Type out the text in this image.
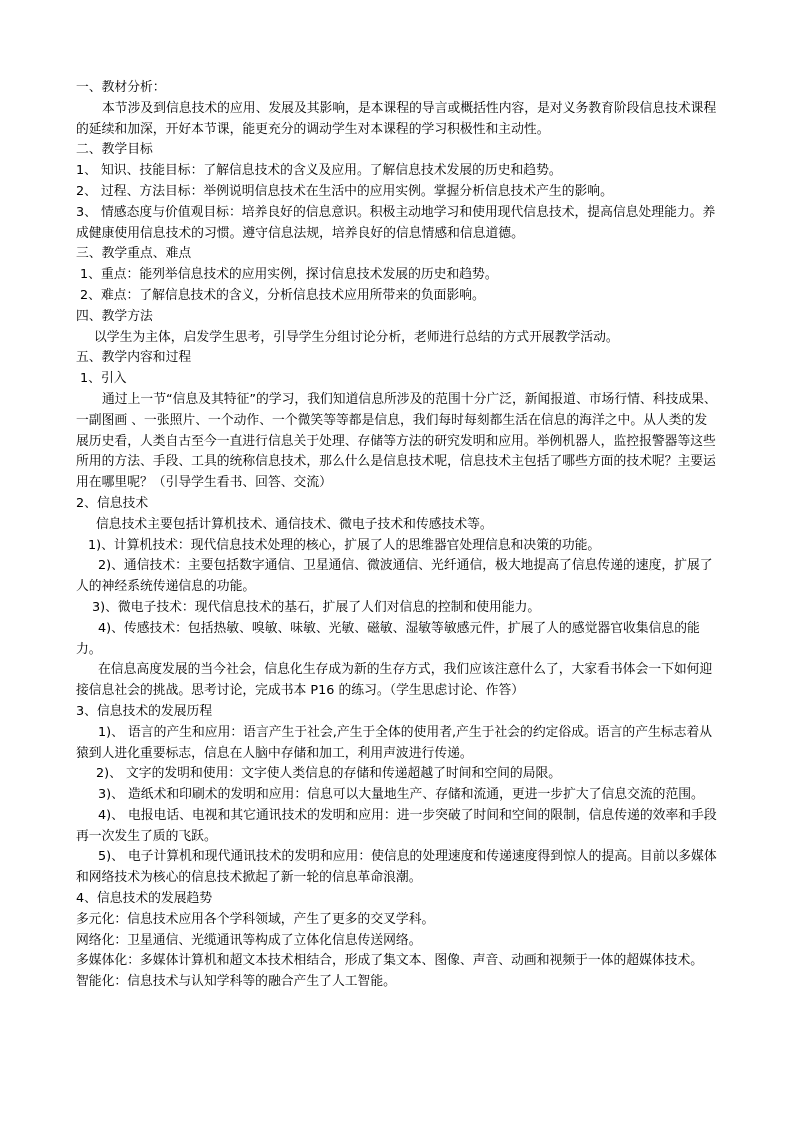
一、教材分析：
本节涉及到信息技术的应用、发展及其影响，是本课程的导言或概括性内容，是对义务教育阶段信息技术课程的延续和加深，开好本节课，能更充分的调动学生对本课程的学习积极性和主动性。
二、教学目标
1、 知识、技能目标：了解信息技术的含义及应用。了解信息技术发展的历史和趋势。
2、 过程、方法目标：举例说明信息技术在生活中的应用实例。掌握分析信息技术产生的影响。
3、 情感态度与价值观目标：培养良好的信息意识。积极主动地学习和使用现代信息技术，提高信息处理能力。养成健康使用信息技术的习惯。遵守信息法规，培养良好的信息情感和信息道德。
三、教学重点、难点
1、重点：能列举信息技术的应用实例，探讨信息技术发展的历史和趋势。
2、难点：了解信息技术的含义，分析信息技术应用所带来的负面影响。
四、教学方法
以学生为主体，启发学生思考，引导学生分组讨论分析，老师进行总结的方式开展教学活动。
五、教学内容和过程
1、引入
通过上一节“信息及其特征”的学习，我们知道信息所涉及的范围十分广泛，新闻报道、市场行情、科技成果、一副图画 、一张照片、一个动作、一个微笑等等都是信息，我们每时每刻都生活在信息的海洋之中。从人类的发展历史看，人类自古至今一直进行信息关于处理、存储等方法的研究发明和应用。举例机器人，监控报警器等这些所用的方法、手段、工具的统称信息技术，那么什么是信息技术呢，信息技术主包括了哪些方面的技术呢？主要运用在哪里呢？（引导学生看书、回答、交流）
2、信息技术
信息技术主要包括计算机技术、通信技术、微电子技术和传感技术等。
1)、计算机技术：现代信息技术处理的核心，扩展了人的思维器官处理信息和决策的功能。
2)、通信技术：主要包括数字通信、卫星通信、微波通信、光纤通信，极大地提高了信息传递的速度，扩展了人的神经系统传递信息的功能。
3)、微电子技术：现代信息技术的基石，扩展了人们对信息的控制和使用能力。
4)、传感技术：包括热敏、嗅敏、味敏、光敏、磁敏、湿敏等敏感元件，扩展了人的感觉器官收集信息的能力。
在信息高度发展的当今社会，信息化生存成为新的生存方式，我们应该注意什么了，大家看书体会一下如何迎接信息社会的挑战。思考讨论，完成书本 P16 的练习。（学生思虑讨论、作答）
3、信息技术的发展历程
1)、 语言的产生和应用：语言产生于社会,产生于全体的使用者,产生于社会的约定俗成。语言的产生标志着从猿到人进化重要标志，信息在人脑中存储和加工，利用声波进行传递。
2)、 文字的发明和使用：文字使人类信息的存储和传递超越了时间和空间的局限。
3)、 造纸术和印刷术的发明和应用：信息可以大量地生产、存储和流通，更进一步扩大了信息交流的范围。
4)、 电报电话、电视和其它通讯技术的发明和应用：进一步突破了时间和空间的限制，信息传递的效率和手段再一次发生了质的飞跃。
5)、 电子计算机和现代通讯技术的发明和应用：使信息的处理速度和传递速度得到惊人的提高。目前以多媒体和网络技术为核心的信息技术掀起了新一轮的信息革命浪潮。
4、信息技术的发展趋势
多元化：信息技术应用各个学科领域，产生了更多的交叉学科。
网络化：卫星通信、光缆通讯等构成了立体化信息传送网络。
多媒体化：多媒体计算机和超文本技术相结合，形成了集文本、图像、声音、动画和视频于一体的超媒体技术。
智能化：信息技术与认知学科等的融合产生了人工智能。
